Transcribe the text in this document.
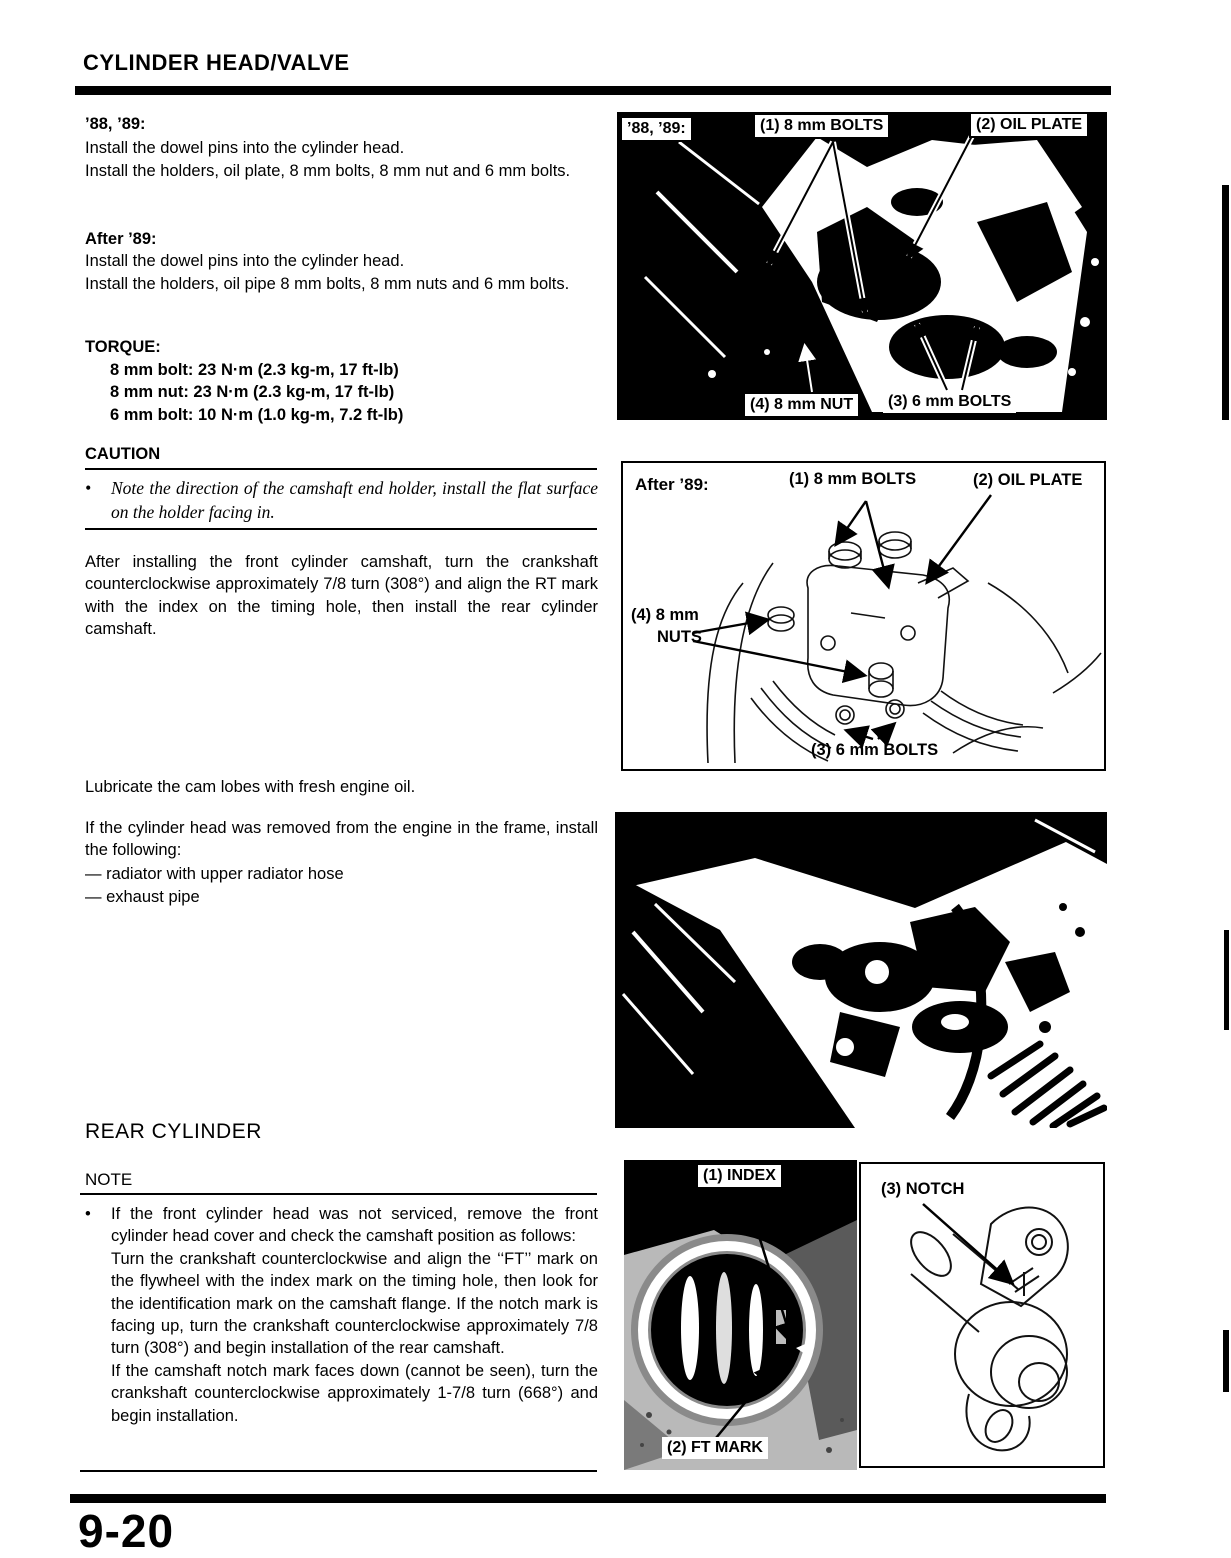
CYLINDER HEAD/VALVE
’88, ’89:
Install the dowel pins into the cylinder head.
Install the holders, oil plate, 8 mm bolts, 8 mm nut and 6 mm bolts.
After ’89:
Install the dowel pins into the cylinder head.
Install the holders, oil pipe 8 mm bolts, 8 mm nuts and 6 mm bolts.
TORQUE:
8 mm bolt: 23 N·m (2.3 kg-m, 17 ft-lb)
8 mm nut: 23 N·m (2.3 kg-m, 17 ft-lb)
6 mm bolt: 10 N·m (1.0 kg-m, 7.2 ft-lb)
CAUTION
•	Note the direction of the camshaft end holder, install the flat surface on the holder facing in.
After installing the front cylinder camshaft, turn the crankshaft counterclockwise approximately 7/8 turn (308°) and align the RT mark with the index on the timing hole, then install the rear cylinder camshaft.
Lubricate the cam lobes with fresh engine oil.
If the cylinder head was removed from the engine in the frame, install the following:
— radiator with upper radiator hose
— exhaust pipe
REAR CYLINDER
NOTE
•	If the front cylinder head was not serviced, remove the front cylinder head cover and check the camshaft position as follows:
Turn the crankshaft counterclockwise and align the ‘‘FT’’ mark on the flywheel with the index mark on the timing hole, then look for the identification mark on the camshaft flange. If the notch mark is facing up, turn the crankshaft counterclockwise approximately 7/8 turn (308°) and begin installation of the rear camshaft.
If the camshaft notch mark faces down (cannot be seen), turn the crankshaft counterclockwise approximately 1-7/8 turn (668°) and begin installation.
’88, ’89:	(1) 8 mm BOLTS	(2) OIL PLATE
(4) 8 mm NUT	(3) 6 mm BOLTS
After ’89:	(1) 8 mm BOLTS	(2) OIL PLATE
(4) 8 mm
NUTS
(3) 6 mm BOLTS
(1) INDEX
(2) FT MARK
(3) NOTCH
9-20
